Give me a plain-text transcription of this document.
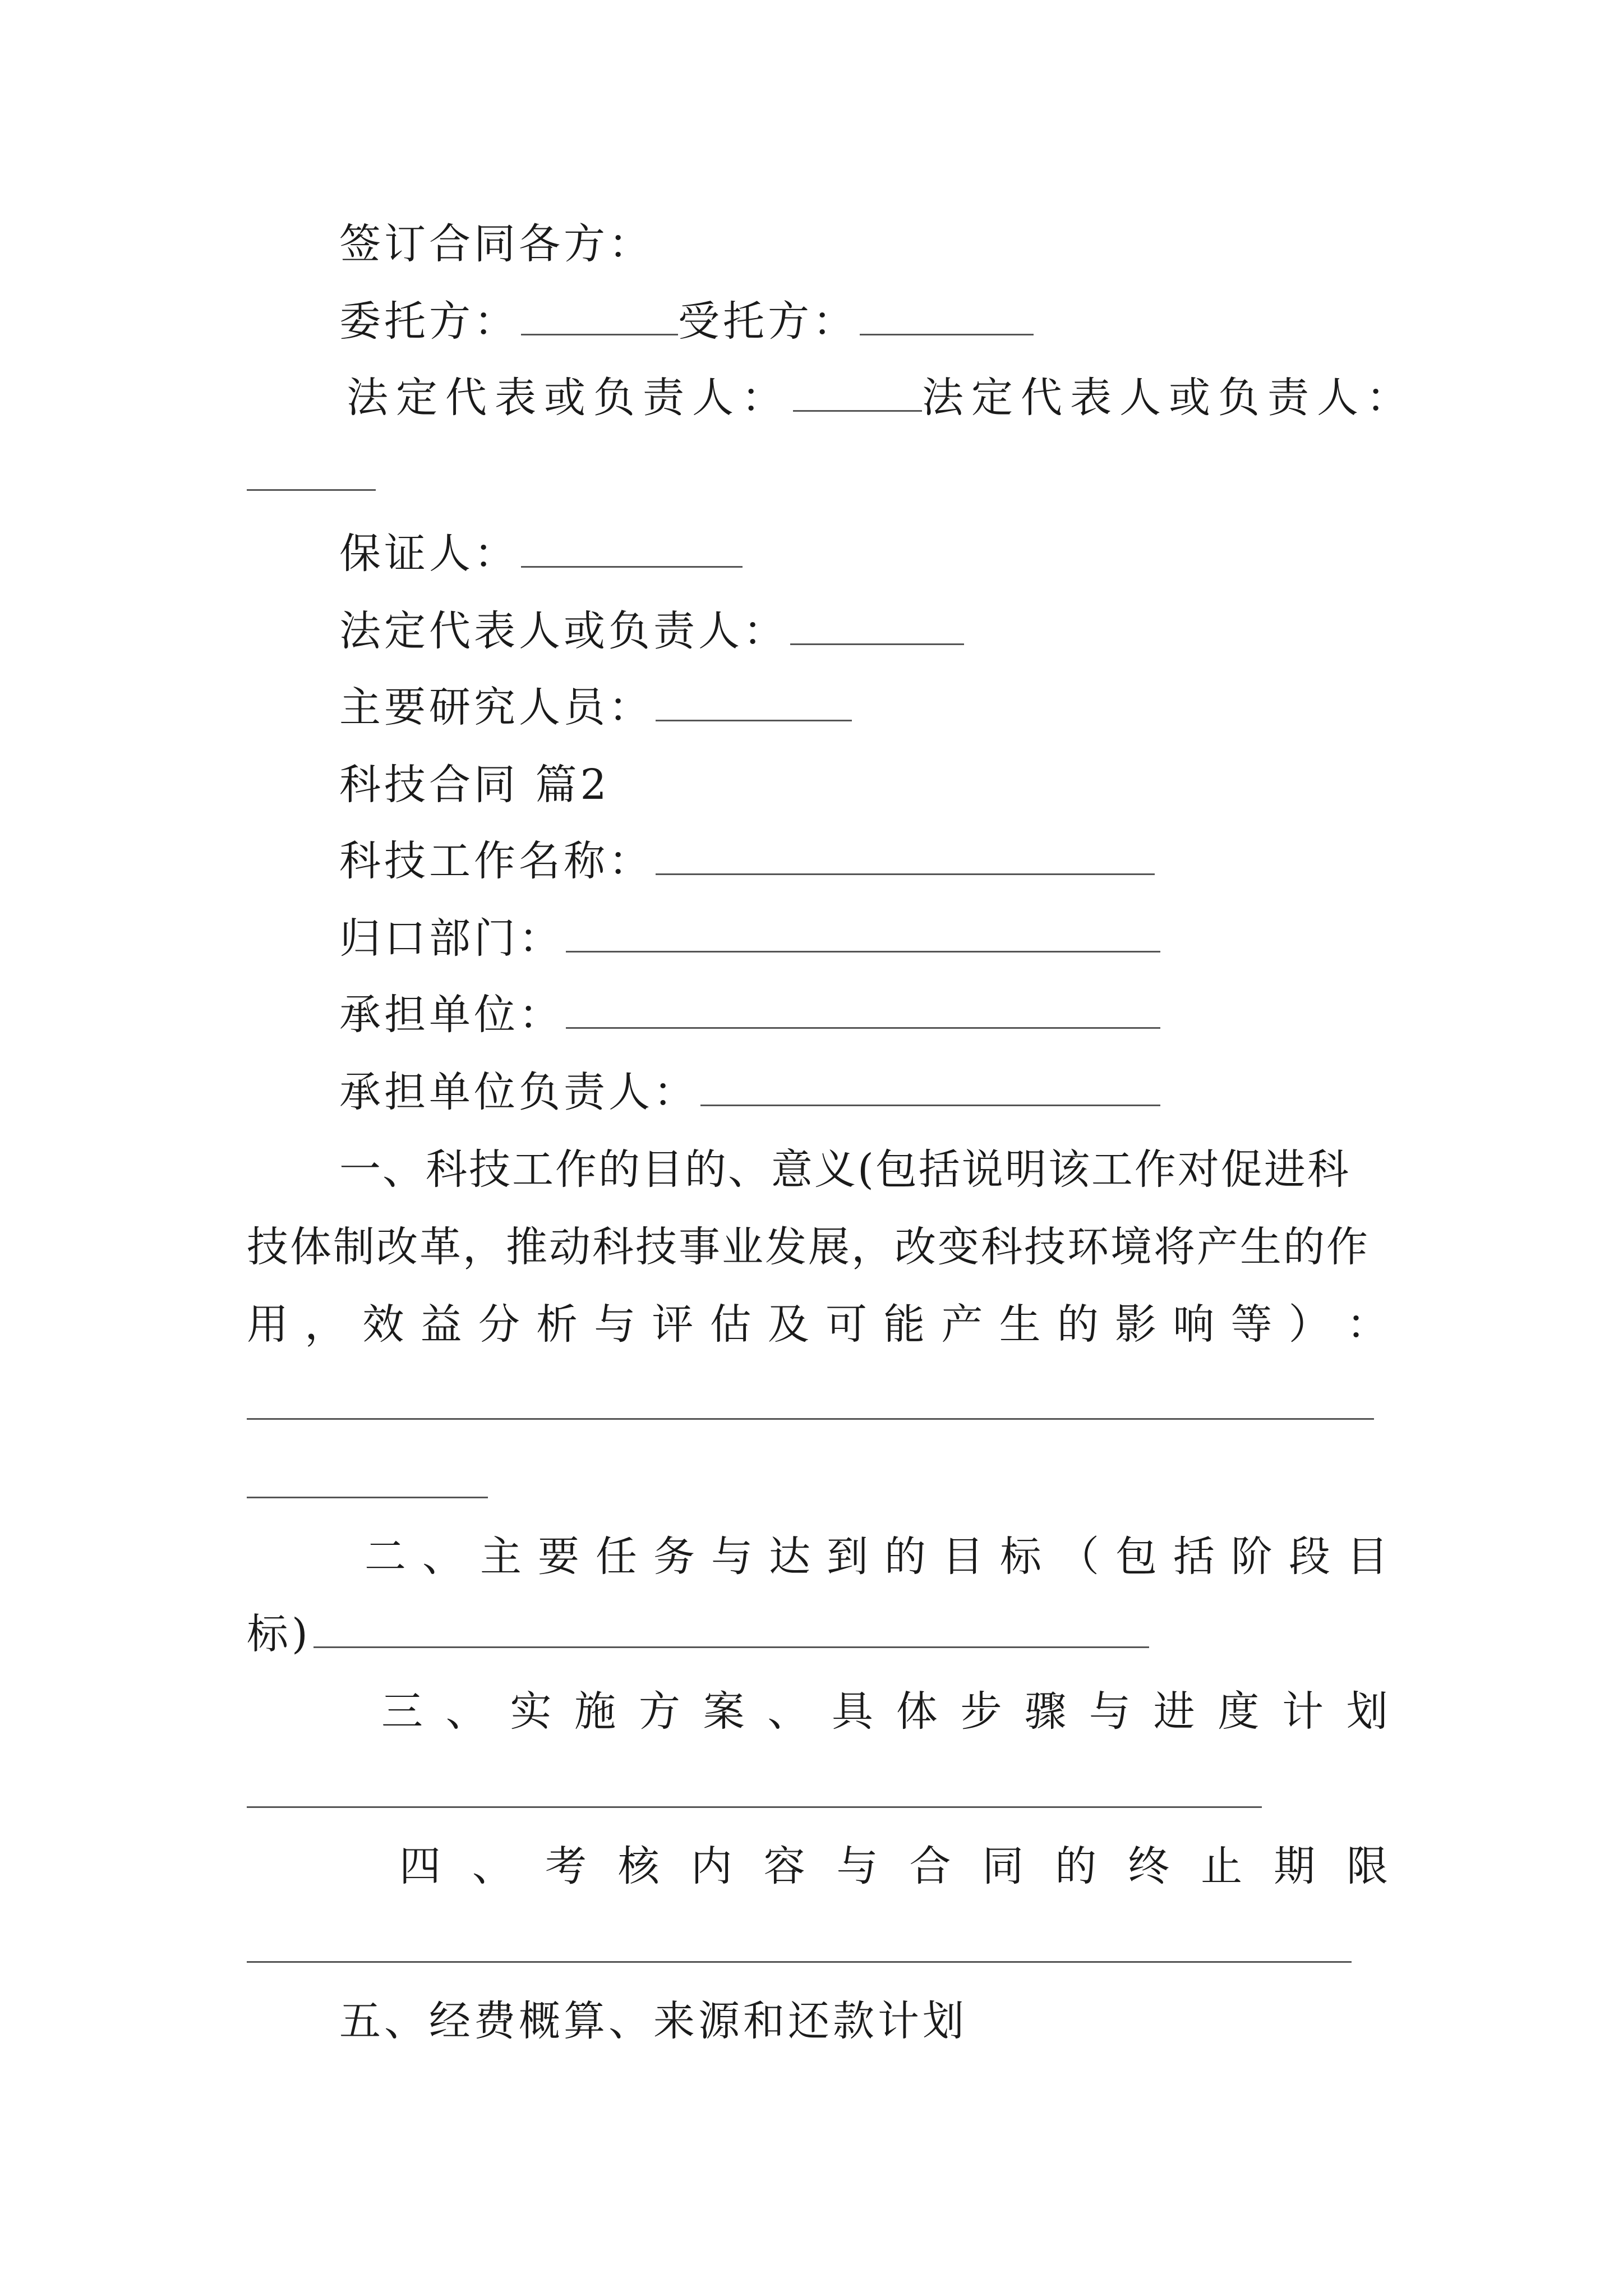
签订合同各方：
委托方：	受托方：
法定代表或负责人：	法定代表人或负责人：
保证人：
法定代表人或负责人：
主要研究人员：
科技合同 篇2
科技工作名称：
归口部门：
承担单位：
承担单位负责人：
一、科技工作的目的、意义(包括说明该工作对促进科
技体制改革，推动科技事业发展，改变科技环境将产生的作
用 ， 效 益 分 析 与 评 估 及 可 能 产 生 的 影 响 等 ） ：
二 、 主 要 任 务 与 达 到 的 目 标 （ 包 括 阶 段 目
标)
三 、 实 施 方 案 、 具 体 步 骤 与 进 度 计 划
四 、 考 核 内 容 与 合 同 的 终 止 期 限
五、经费概算、来源和还款计划
